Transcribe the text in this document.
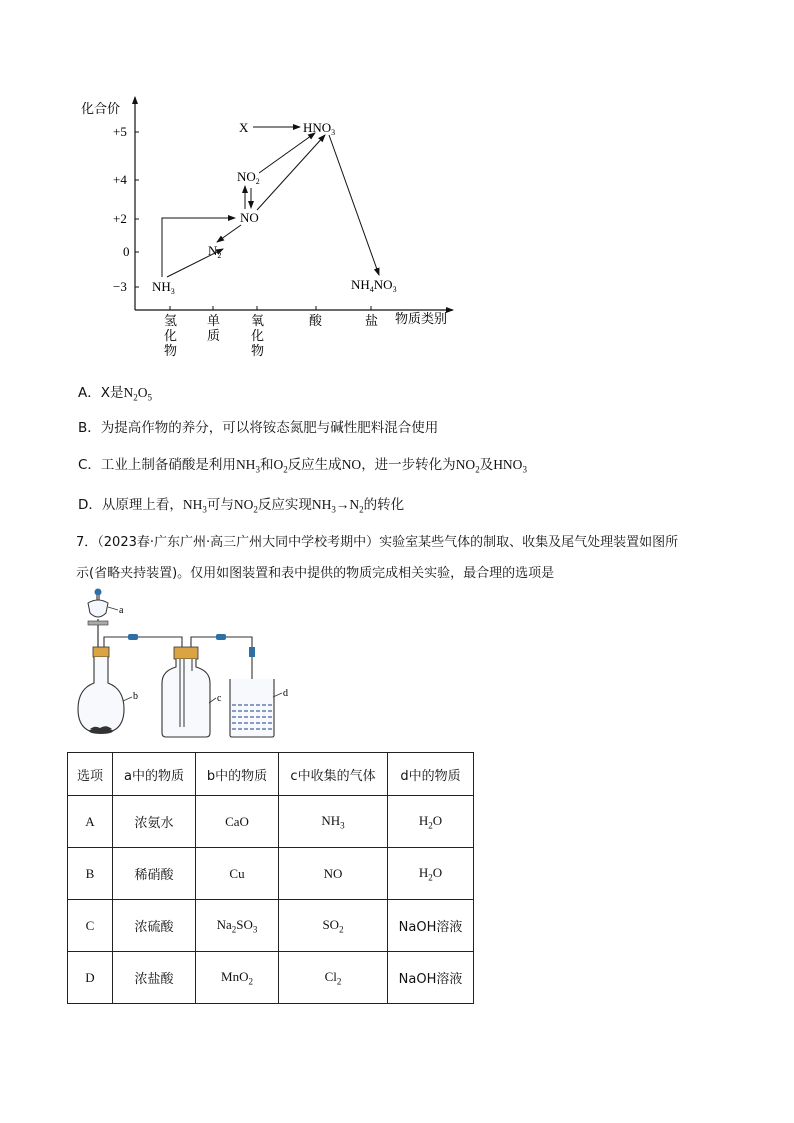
化合价
+5
+4
+2
0
−3
物质类别
氢化物
单质
氧化物
酸	盐
X	$HNO_3$
$NO_2$
NO
$N_2$
$NH_3$	$NH_4NO_3$
A．X是$N_2O_5$
B．为提高作物的养分，可以将铵态氮肥与碱性肥料混合使用
C．工业上制备硝酸是利用$NH_3$和$O_2$反应生成NO，进一步转化为$NO_2$及$HNO_3$
D．从原理上看，$NH_3$可与$NO_2$反应实现$NH_3\to N_2$的转化
7．（2023春·广东广州·高三广州大同中学校考期中）实验室某些气体的制取、收集及尾气处理装置如图所
示(省略夹持装置)。仅用如图装置和表中提供的物质完成相关实验，最合理的选项是
a
b	c	d
选项	a中的物质	b中的物质	c中收集的气体	d中的物质
A	浓氨水	CaO	$NH_3$	$H_2O$
B	稀硝酸	Cu	NO	$H_2O$
C	浓硫酸	$Na_2SO_3$	$SO_2$	NaOH溶液
D	浓盐酸	MnO$_2$	$Cl_2$	NaOH溶液
